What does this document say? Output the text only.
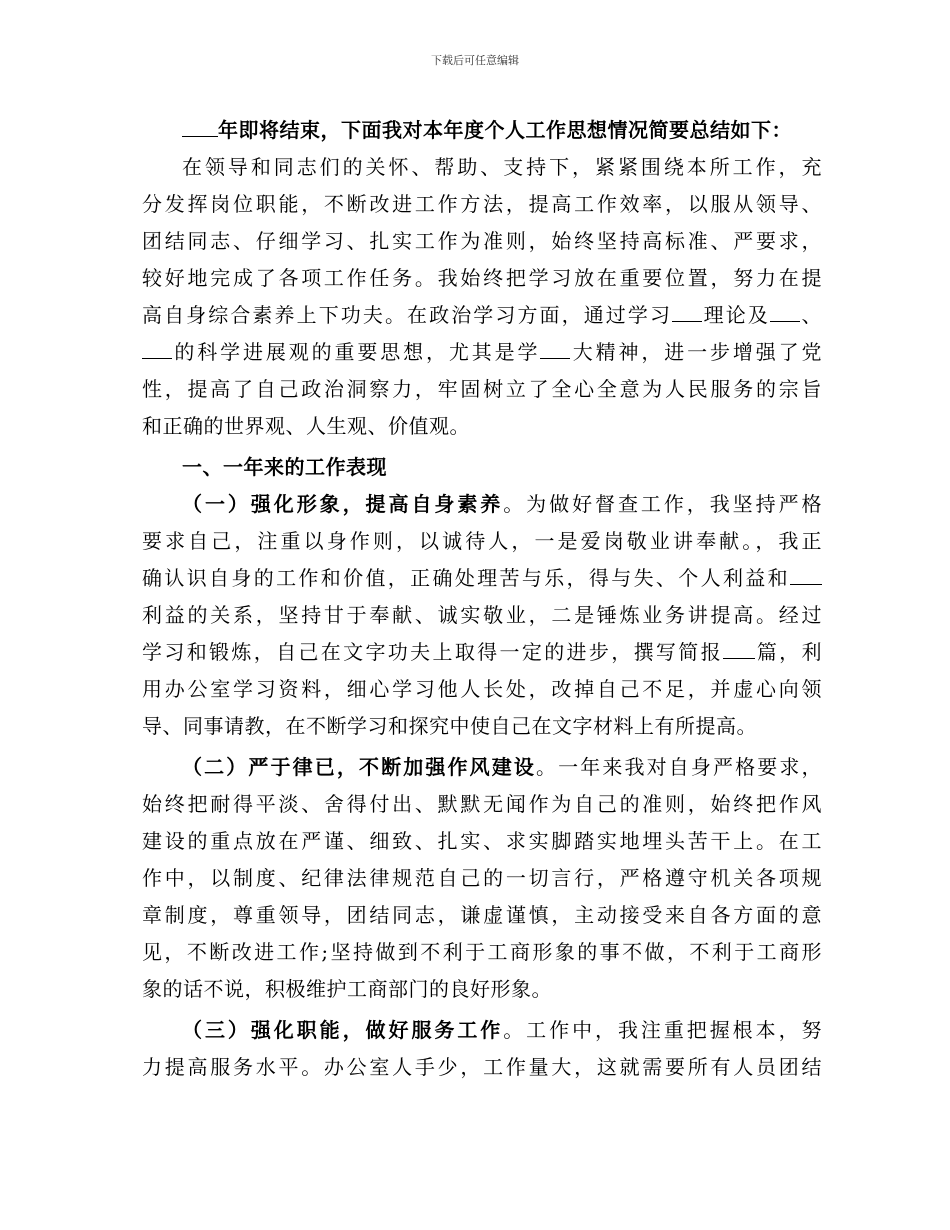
下载后可任意编辑
年即将结束，下面我对本年度个人工作思想情况简要总结如下：
在领导和同志们的关怀、帮助、支持下，紧紧围绕本所工作，充
分发挥岗位职能，不断改进工作方法，提高工作效率，以服从领导、
团结同志、仔细学习、扎实工作为准则，始终坚持高标准、严要求，
较好地完成了各项工作任务。我始终把学习放在重要位置，努力在提
高自身综合素养上下功夫。在政治学习方面，通过学习 理论及 、
的科学进展观的重要思想，尤其是学 大精神，进一步增强了党
性，提高了自己政治洞察力，牢固树立了全心全意为人民服务的宗旨
和正确的世界观、人生观、价值观。
一、一年来的工作表现
（一）强化形象，提高自身素养。为做好督查工作，我坚持严格
要求自己，注重以身作则，以诚待人，一是爱岗敬业讲奉献。，我正
确认识自身的工作和价值，正确处理苦与乐，得与失、个人利益和
利益的关系，坚持甘于奉献、诚实敬业，二是锤炼业务讲提高。经过
学习和锻炼，自己在文字功夫上取得一定的进步，撰写简报 篇，利
用办公室学习资料，细心学习他人长处，改掉自己不足，并虚心向领
导、同事请教，在不断学习和探究中使自己在文字材料上有所提高。
（二）严于律已，不断加强作风建设。一年来我对自身严格要求，
始终把耐得平淡、舍得付出、默默无闻作为自己的准则，始终把作风
建设的重点放在严谨、细致、扎实、求实脚踏实地埋头苦干上。在工
作中，以制度、纪律法律规范自己的一切言行，严格遵守机关各项规
章制度，尊重领导，团结同志，谦虚谨慎，主动接受来自各方面的意
见，不断改进工作;坚持做到不利于工商形象的事不做，不利于工商形
象的话不说，积极维护工商部门的良好形象。
（三）强化职能，做好服务工作。工作中，我注重把握根本，努
力提高服务水平。办公室人手少，工作量大，这就需要所有人员团结
